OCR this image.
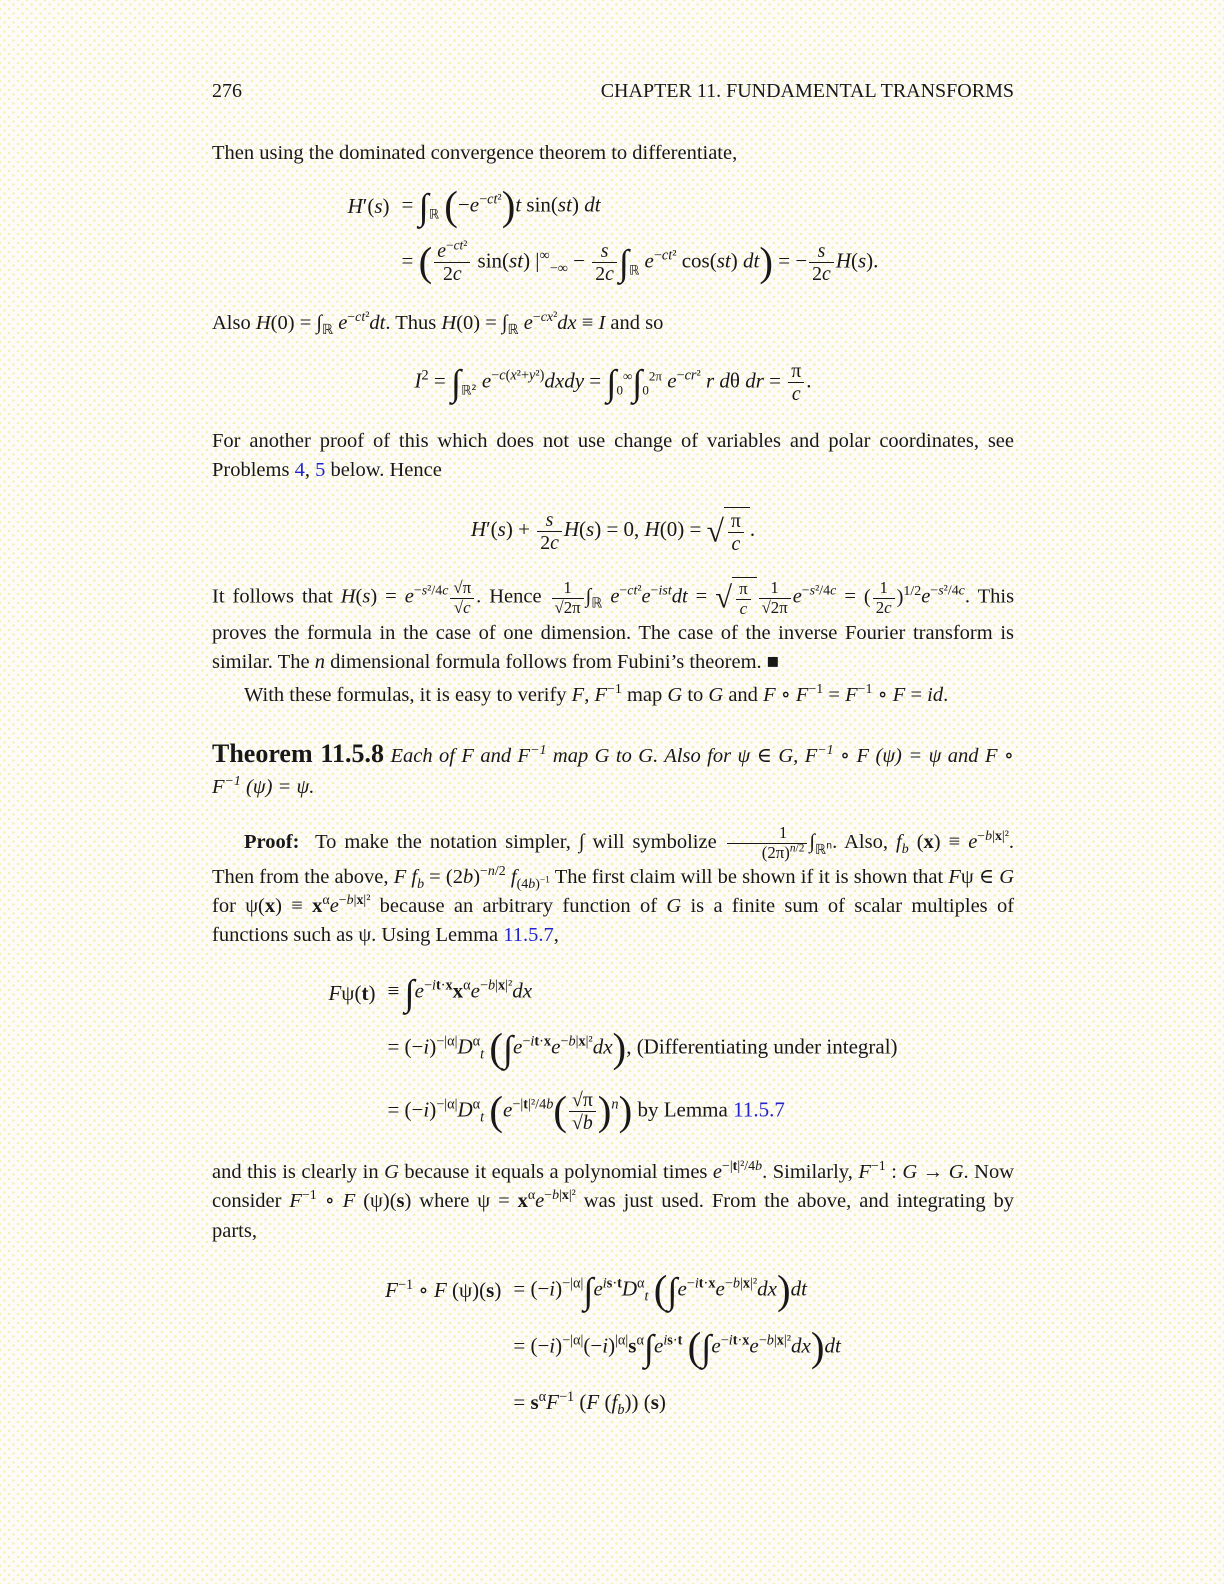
276	CHAPTER 11. FUNDAMENTAL TRANSFORMS

Then using the dominated convergence theorem to differentiate,

$H'(s) = \int_ℝ$ $(-e^{-ct^2})t$ sin(st) dt
= ( $\frac{e^{-ct^2}}{2c} \sin(st) |^\infty_{-\infty} - \frac{s}{2c} \int_ℝ$ $e^{-ct^2}$ cos(st) dt) = − $\frac{s}{2c} H(s)$.

Also $H(0) = \int_ℝ$ $e^{-ct^2}dt$. Thus $H(0) = \int_ℝ$ $e^{-cx^2}dx \equiv I$ and so

$I^2 = \int_{ℝ^2}$ $e^{-c(x^2+y^2)}dxdy = \int_0^\infty\int_0^{2\pi}$ $e^{-cr^2}$ r dθ dr = $\frac{\pi}{c}$ .

For another proof of this which does not use change of variables and polar coordinates, see Problems 4, 5 below. Hence

$H'(s) + \frac{s}{2c} H(s) = 0$, H(0) = √ $\frac{\pi}{c}$ .

It follows that $H(s) = e^{-s^2/4c} \frac{√\pi}{√c}$ . Hence $\frac{1}{√2\pi} \int_ℝ$ $e^{-ct^2}e^{-ist}dt$ = √ $\frac{\pi}{c} \frac{1}{√2\pi} e^{-s^2/4c}$ = ( $\frac{1}{2c} )^{1/2}e^{-s^2/4c}$. This proves the formula in the case of one dimension. The case of the inverse Fourier transform is similar. The n dimensional formula follows from Fubini’s theorem. ■

With these formulas, it is easy to verify F, $F^{-1}$ map G to G and F ∘ $F^{-1} = F^{-1}$ ∘ F = id.

Theorem 11.5.8 Each of F and $F^{-1}$ map G to G. Also for ψ ∈ G, $F^{-1}$ ∘ F (ψ) = ψ and F ∘ $F^{-1}$ (ψ) = ψ.

Proof:  To make the notation simpler, ∫ will symbolize $\frac{1}{(2\pi)^{n/2}} \int_{ℝ^n}$. Also, $f_b$ $(x) \equiv e^{-b|x|^2}$. Then from the above, F $f_b = (2b)^{-n/2}$ $f_{(4b)^{-1}}$ The first claim will be shown if it is shown that Fψ ∈ G for $\psi(x) \equiv x^\alpha e^{-b|x|^2}$ because an arbitrary function of G is a finite sum of scalar multiples of functions such as ψ. Using Lemma 11.5.7,

$F\psi(t) \equiv \int e^{-it\cdot x}x^\alpha e^{-b|x|^2}dx$
= $(-i)^{-|\alpha|}D^\alpha_t$ $(\int e^{-it\cdot x}e^{-b|x|^2}dx)$, (Differentiating under integral)
= $(-i)^{-|\alpha|}D^\alpha_t$ $(e^{-|t|^2/4b}( \frac{√\pi}{√b} )^n)$ by Lemma 11.5.7

and this is clearly in G because it equals a polynomial times $e^{-|t|^2/4b}$. Similarly, $F^{-1}$ : G → G. Now consider $F^{-1}$ ∘ F (ψ)(s) where $\psi = x^\alpha e^{-b|x|^2}$ was just used. From the above, and integrating by parts,

$F^{-1}$ ∘ F $(\psi)(s) = (-i)^{-|\alpha|}\int e^{is\cdot t}D^\alpha_t$ $(\int e^{-it\cdot x}e^{-b|x|^2}dx)dt$
= $(-i)^{-|\alpha|}(-i)^{|\alpha|}s^\alpha\int e^{is\cdot t}$ $(\int e^{-it\cdot x}e^{-b|x|^2}dx)dt$
= $s^\alpha F^{-1}$ (F $(f_b)$) (s)
